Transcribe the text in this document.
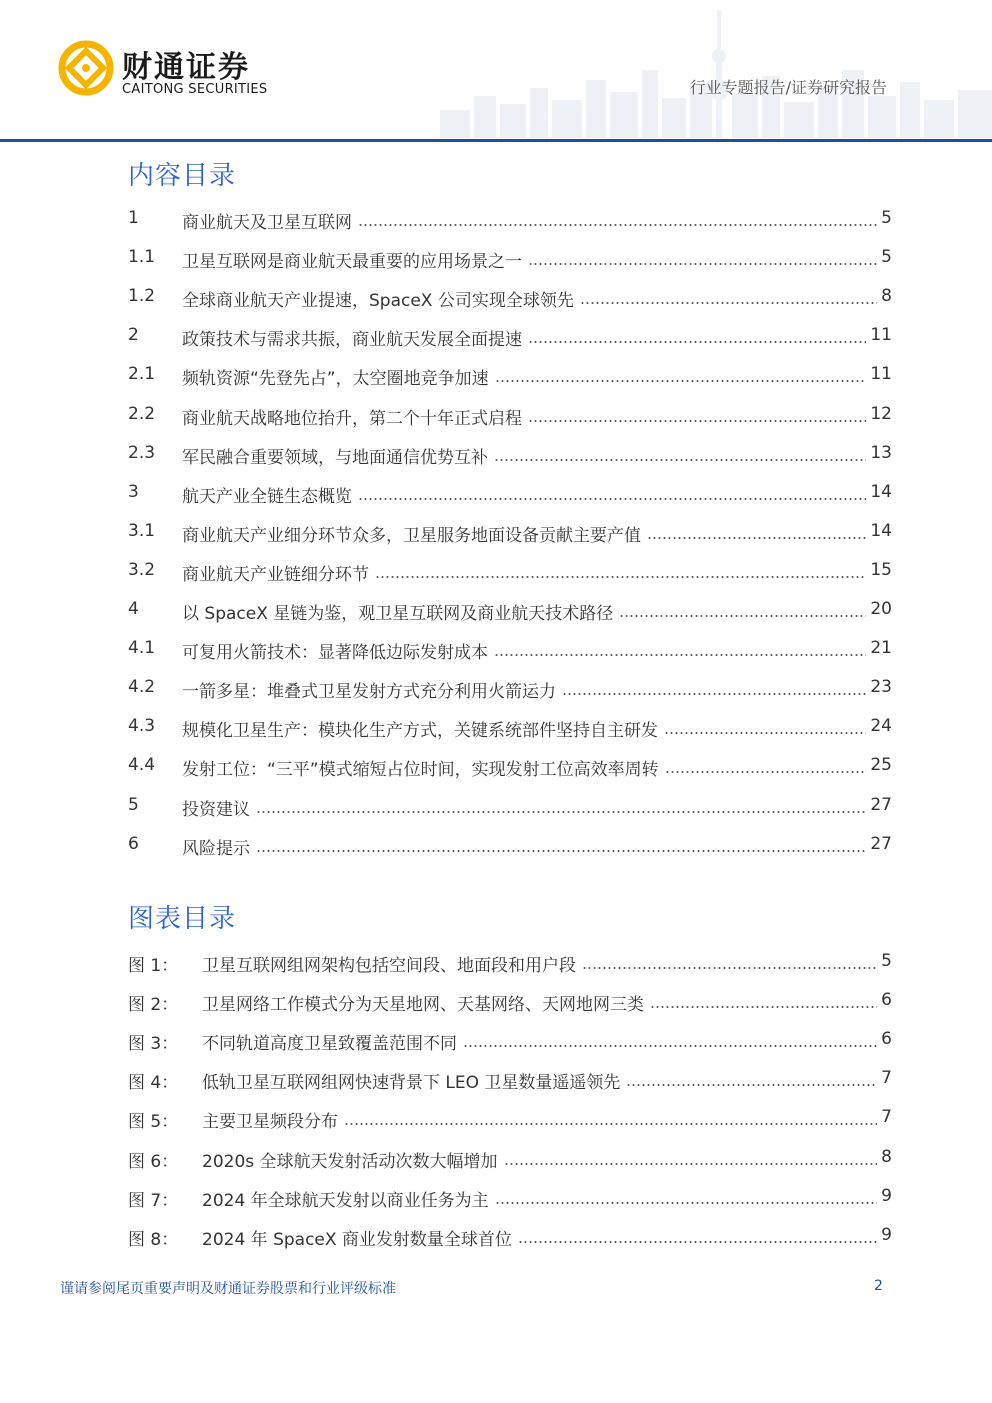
财通证券
CAITONG SECURITIES	行业专题报告/证券研究报告
内容目录
1	商业航天及卫星互联网	5
1.1 卫星互联网是商业航天最重要的应用场景之一	5
1.2 全球商业航天产业提速，SpaceX 公司实现全球领先	8
2	政策技术与需求共振，商业航天发展全面提速	11
2.1 频轨资源“先登先占”，太空圈地竞争加速	11
2.2 商业航天战略地位抬升，第二个十年正式启程	12
2.3 军民融合重要领域，与地面通信优势互补	13
3	航天产业全链生态概览	14
3.1 商业航天产业细分环节众多，卫星服务地面设备贡献主要产值	14
3.2 商业航天产业链细分环节	15
4	以 SpaceX 星链为鉴，观卫星互联网及商业航天技术路径	20
4.1 可复用火箭技术：显著降低边际发射成本	21
4.2 一箭多星：堆叠式卫星发射方式充分利用火箭运力	23
4.3 规模化卫星生产：模块化生产方式，关键系统部件坚持自主研发	24
4.4 发射工位：“三平”模式缩短占位时间，实现发射工位高效率周转	25
5	投资建议	27
6	风险提示	27
图表目录
图 1： 卫星互联网组网架构包括空间段、地面段和用户段	5
图 2： 卫星网络工作模式分为天星地网、天基网络、天网地网三类	6
图 3： 不同轨道高度卫星致覆盖范围不同	6
图 4： 低轨卫星互联网组网快速背景下 LEO 卫星数量遥遥领先	7
图 5： 主要卫星频段分布	7
图 6： 2020s 全球航天发射活动次数大幅增加	8
图 7： 2024 年全球航天发射以商业任务为主	9
图 8： 2024 年 SpaceX 商业发射数量全球首位	9
谨请参阅尾页重要声明及财通证券股票和行业评级标准	2
